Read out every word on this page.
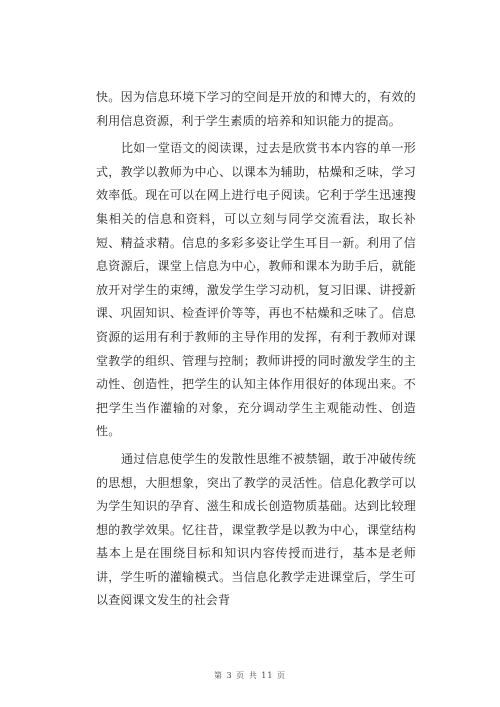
快。因为信息环境下学习的空间是开放的和博大的，有效的利用信息资源，利于学生素质的培养和知识能力的提高。

比如一堂语文的阅读课，过去是欣赏书本内容的单一形式，教学以教师为中心、以课本为辅助，枯燥和乏味，学习效率低。现在可以在网上进行电子阅读。它利于学生迅速搜集相关的信息和资料，可以立刻与同学交流看法，取长补短、精益求精。信息的多彩多姿让学生耳目一新。利用了信息资源后，课堂上信息为中心，教师和课本为助手后，就能放开对学生的束缚，激发学生学习动机，复习旧课、讲授新课、巩固知识、检查评价等等，再也不枯燥和乏味了。信息资源的运用有利于教师的主导作用的发挥，有利于教师对课堂教学的组织、管理与控制；教师讲授的同时激发学生的主动性、创造性，把学生的认知主体作用很好的体现出来。不把学生当作灌输的对象，充分调动学生主观能动性、创造性。

通过信息使学生的发散性思维不被禁锢，敢于冲破传统的思想，大胆想象，突出了教学的灵活性。信息化教学可以为学生知识的孕育、滋生和成长创造物质基础。达到比较理想的教学效果。忆往昔，课堂教学是以教为中心，课堂结构基本上是在围绕目标和知识内容传授而进行，基本是老师讲，学生听的灌输模式。当信息化教学走进课堂后，学生可以查阅课文发生的社会背

第 3 页 共 11 页
